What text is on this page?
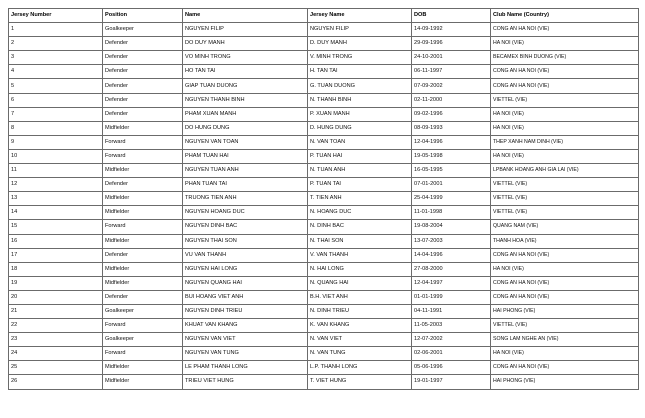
Jersey Number	Position	Name	Jersey Name	DOB	Club Name (Country)
1	Goalkeeper	NGUYEN FILIP	NGUYEN FILIP	14-09-1992	CONG AN HA NOI (VIE)
2	Defender	DO DUY MANH	D. DUY MANH	29-09-1996	HA NOI (VIE)
3	Defender	VO MINH TRONG	V. MINH TRONG	24-10-2001	BECAMEX BINH DUONG (VIE)
4	Defender	HO TAN TAI	H. TAN TAI	06-11-1997	CONG AN HA NOI (VIE)
5	Defender	GIAP TUAN DUONG	G. TUAN DUONG	07-09-2002	CONG AN HA NOI (VIE)
6	Defender	NGUYEN THANH BINH	N. THANH BINH	02-11-2000	VIETTEL (VIE)
7	Defender	PHAM XUAN MANH	P. XUAN MANH	09-02-1996	HA NOI (VIE)
8	Midfielder	DO HUNG DUNG	D. HUNG DUNG	08-09-1993	HA NOI (VIE)
9	Forward	NGUYEN VAN TOAN	N. VAN TOAN	12-04-1996	THEP XANH NAM DINH (VIE)
10	Forward	PHAM TUAN HAI	P. TUAN HAI	19-05-1998	HA NOI (VIE)
11	Midfielder	NGUYEN TUAN ANH	N. TUAN ANH	16-05-1995	LPBANK HOANG ANH GIA LAI (VIE)
12	Defender	PHAN TUAN TAI	P. TUAN TAI	07-01-2001	VIETTEL (VIE)
13	Midfielder	TRUONG TIEN ANH	T. TIEN ANH	25-04-1999	VIETTEL (VIE)
14	Midfielder	NGUYEN HOANG DUC	N. HOANG DUC	11-01-1998	VIETTEL (VIE)
15	Forward	NGUYEN DINH BAC	N. DINH BAC	19-08-2004	QUANG NAM (VIE)
16	Midfielder	NGUYEN THAI SON	N. THAI SON	13-07-2003	THANH HOA (VIE)
17	Defender	VU VAN THANH	V. VAN THANH	14-04-1996	CONG AN HA NOI (VIE)
18	Midfielder	NGUYEN HAI LONG	N. HAI LONG	27-08-2000	HA NOI (VIE)
19	Midfielder	NGUYEN QUANG HAI	N. QUANG HAI	12-04-1997	CONG AN HA NOI (VIE)
20	Defender	BUI HOANG VIET ANH	B.H. VIET ANH	01-01-1999	CONG AN HA NOI (VIE)
21	Goalkeeper	NGUYEN DINH TRIEU	N. DINH TRIEU	04-11-1991	HAI PHONG (VIE)
22	Forward	KHUAT VAN KHANG	K. VAN KHANG	11-05-2003	VIETTEL (VIE)
23	Goalkeeper	NGUYEN VAN VIET	N. VAN VIET	12-07-2002	SONG LAM NGHE AN (VIE)
24	Forward	NGUYEN VAN TUNG	N. VAN TUNG	02-06-2001	HA NOI (VIE)
25	Midfielder	LE PHAM THANH LONG	L.P. THANH LONG	05-06-1996	CONG AN HA NOI (VIE)
26	Midfielder	TRIEU VIET HUNG	T. VIET HUNG	19-01-1997	HAI PHONG (VIE)
